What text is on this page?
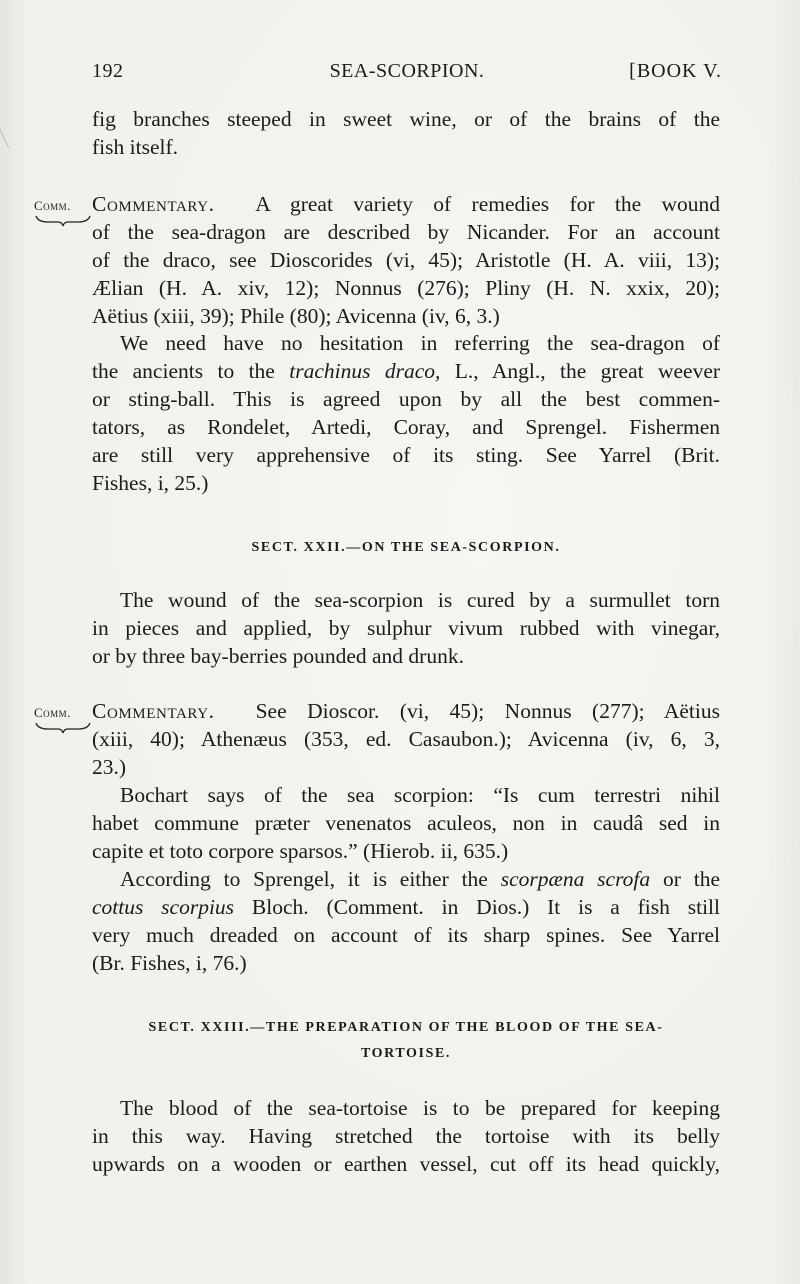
192	SEA-SCORPION.	[BOOK V.
fig branches steeped in sweet wine, or of the brains of the
fish itself.
Comm. Commentary. A great variety of remedies for the wound
of the sea-dragon are described by Nicander. For an account
of the draco, see Dioscorides (vi, 45); Aristotle (H. A. viii, 13);
Ælian (H. A. xiv, 12); Nonnus (276); Pliny (H. N. xxix, 20);
Aëtius (xiii, 39); Phile (80); Avicenna (iv, 6, 3.)
We need have no hesitation in referring the sea-dragon of
the ancients to the trachinus draco, L., Angl., the great weever
or sting-ball. This is agreed upon by all the best commen-
tators, as Rondelet, Artedi, Coray, and Sprengel. Fishermen
are still very apprehensive of its sting. See Yarrel (Brit.
Fishes, i, 25.)
SECT. XXII.—ON THE SEA-SCORPION.
The wound of the sea-scorpion is cured by a surmullet torn
in pieces and applied, by sulphur vivum rubbed with vinegar,
or by three bay-berries pounded and drunk.
Comm. Commentary. See Dioscor. (vi, 45); Nonnus (277); Aëtius
(xiii, 40); Athenæus (353, ed. Casaubon.); Avicenna (iv, 6, 3,
23.)
Bochart says of the sea scorpion: “Is cum terrestri nihil
habet commune præter venenatos aculeos, non in caudâ sed in
capite et toto corpore sparsos.” (Hierob. ii, 635.)
According to Sprengel, it is either the scorpæna scrofa or the
cottus scorpius Bloch. (Comment. in Dios.) It is a fish still
very much dreaded on account of its sharp spines. See Yarrel
(Br. Fishes, i, 76.)
SECT. XXIII.—THE PREPARATION OF THE BLOOD OF THE SEA-
TORTOISE.
The blood of the sea-tortoise is to be prepared for keeping
in this way. Having stretched the tortoise with its belly
upwards on a wooden or earthen vessel, cut off its head quickly,
